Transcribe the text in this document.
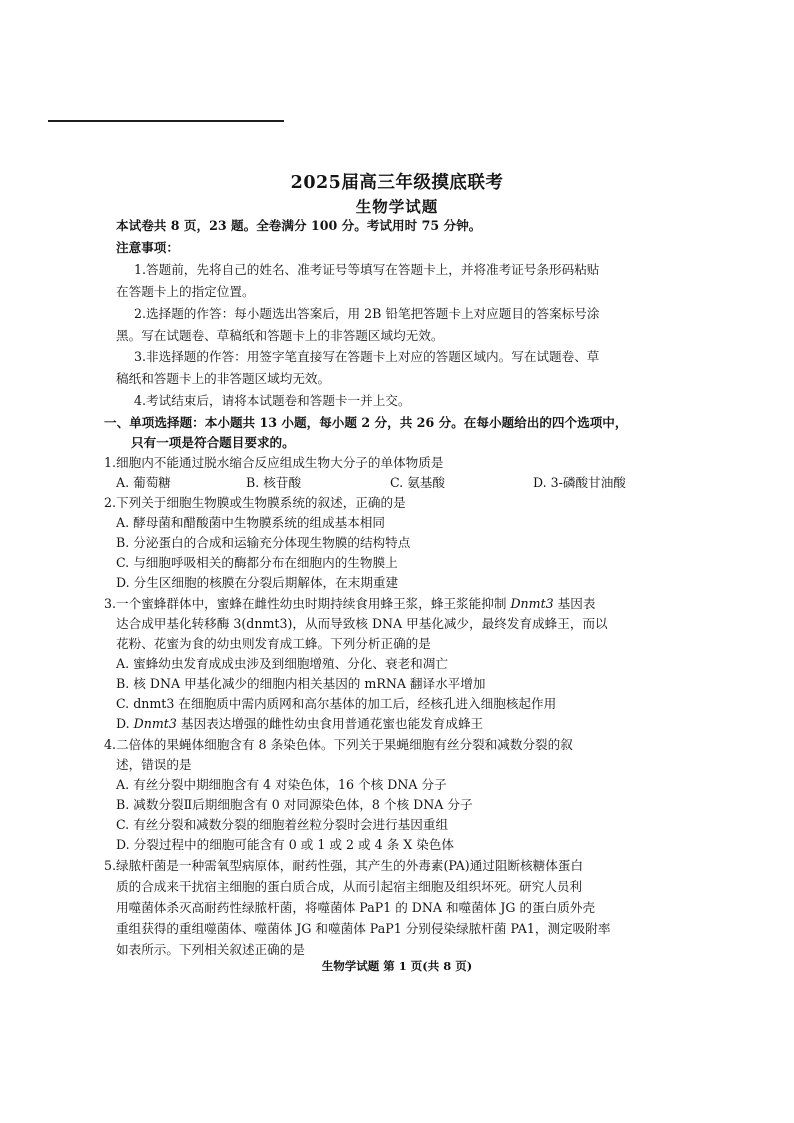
2025届高三年级摸底联考
生物学试题
本试卷共 8 页，23 题。全卷满分 100 分。考试用时 75 分钟。
注意事项：
1.答题前，先将自己的姓名、准考证号等填写在答题卡上，并将准考证号条形码粘贴
在答题卡上的指定位置。
2.选择题的作答：每小题选出答案后，用 2B 铅笔把答题卡上对应题目的答案标号涂
黑。写在试题卷、草稿纸和答题卡上的非答题区域均无效。
3.非选择题的作答：用签字笔直接写在答题卡上对应的答题区域内。写在试题卷、草
稿纸和答题卡上的非答题区域均无效。
4.考试结束后，请将本试题卷和答题卡一并上交。
一、单项选择题：本小题共 13 小题，每小题 2 分，共 26 分。在每小题给出的四个选项中，
只有一项是符合题目要求的。
1.细胞内不能通过脱水缩合反应组成生物大分子的单体物质是
A. 葡萄糖	B. 核苷酸	C. 氨基酸	D. 3-磷酸甘油酸
2.下列关于细胞生物膜或生物膜系统的叙述，正确的是
A. 酵母菌和醋酸菌中生物膜系统的组成基本相同
B. 分泌蛋白的合成和运输充分体现生物膜的结构特点
C. 与细胞呼吸相关的酶都分布在细胞内的生物膜上
D. 分生区细胞的核膜在分裂后期解体，在末期重建
3.一个蜜蜂群体中，蜜蜂在雌性幼虫时期持续食用蜂王浆，蜂王浆能抑制 Dnmt3 基因表
达合成甲基化转移酶 3(dnmt3)，从而导致核 DNA 甲基化减少，最终发育成蜂王，而以
花粉、花蜜为食的幼虫则发育成工蜂。下列分析正确的是
A. 蜜蜂幼虫发育成成虫涉及到细胞增殖、分化、衰老和凋亡
B. 核 DNA 甲基化减少的细胞内相关基因的 mRNA 翻译水平增加
C. dnmt3 在细胞质中需内质网和高尔基体的加工后，经核孔进入细胞核起作用
D. Dnmt3 基因表达增强的雌性幼虫食用普通花蜜也能发育成蜂王
4.二倍体的果蝇体细胞含有 8 条染色体。下列关于果蝇细胞有丝分裂和减数分裂的叙
述，错误的是
A. 有丝分裂中期细胞含有 4 对染色体，16 个核 DNA 分子
B. 减数分裂Ⅱ后期细胞含有 0 对同源染色体，8 个核 DNA 分子
C. 有丝分裂和减数分裂的细胞着丝粒分裂时会进行基因重组
D. 分裂过程中的细胞可能含有 0 或 1 或 2 或 4 条 X 染色体
5.绿脓杆菌是一种需氧型病原体，耐药性强，其产生的外毒素(PA)通过阻断核糖体蛋白
质的合成来干扰宿主细胞的蛋白质合成，从而引起宿主细胞及组织坏死。研究人员利
用噬菌体杀灭高耐药性绿脓杆菌，将噬菌体 PaP1 的 DNA 和噬菌体 JG 的蛋白质外壳
重组获得的重组噬菌体、噬菌体 JG 和噬菌体 PaP1 分别侵染绿脓杆菌 PA1，测定吸附率
如表所示。下列相关叙述正确的是
生物学试题 第 1 页(共 8 页)
